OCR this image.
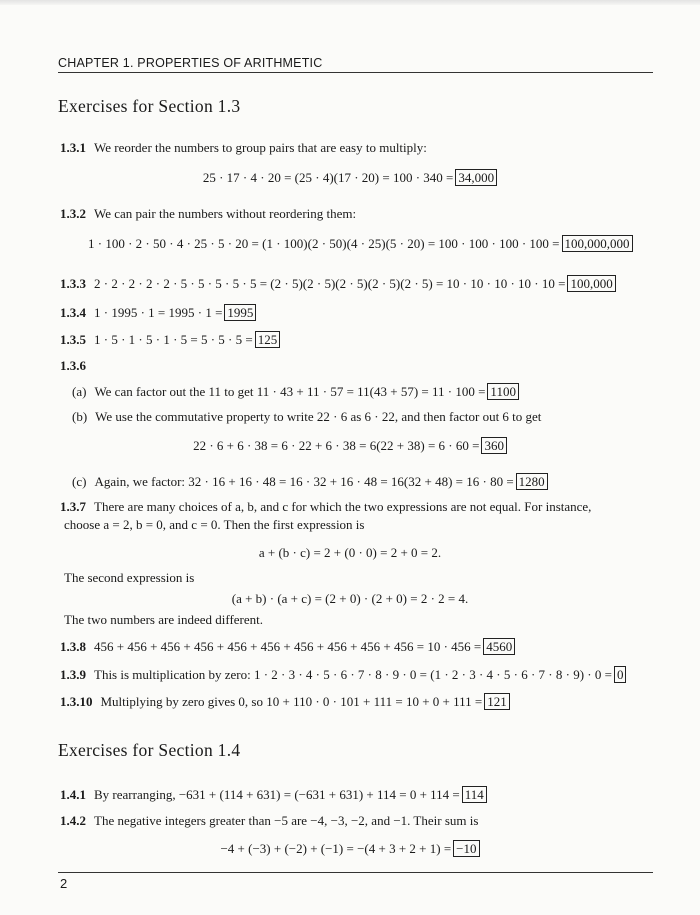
CHAPTER 1. PROPERTIES OF ARITHMETIC
Exercises for Section 1.3
1.3.1 We reorder the numbers to group pairs that are easy to multiply:
25 · 17 · 4 · 20 = (25 · 4)(17 · 20) = 100 · 340 = 34,000
1.3.2 We can pair the numbers without reordering them:
1 · 100 · 2 · 50 · 4 · 25 · 5 · 20 = (1 · 100)(2 · 50)(4 · 25)(5 · 20) = 100 · 100 · 100 · 100 = 100,000,000
1.3.3 2 · 2 · 2 · 2 · 2 · 5 · 5 · 5 · 5 · 5 = (2 · 5)(2 · 5)(2 · 5)(2 · 5)(2 · 5) = 10 · 10 · 10 · 10 · 10 = 100,000
1.3.4 1 · 1995 · 1 = 1995 · 1 = 1995
1.3.5 1 · 5 · 1 · 5 · 1 · 5 = 5 · 5 · 5 = 125
1.3.6
(a) We can factor out the 11 to get 11 · 43 + 11 · 57 = 11(43 + 57) = 11 · 100 = 1100
(b) We use the commutative property to write 22 · 6 as 6 · 22, and then factor out 6 to get
22 · 6 + 6 · 38 = 6 · 22 + 6 · 38 = 6(22 + 38) = 6 · 60 = 360
(c) Again, we factor: 32 · 16 + 16 · 48 = 16 · 32 + 16 · 48 = 16(32 + 48) = 16 · 80 = 1280
1.3.7 There are many choices of a, b, and c for which the two expressions are not equal. For instance,
choose a = 2, b = 0, and c = 0. Then the first expression is
a + (b · c) = 2 + (0 · 0) = 2 + 0 = 2.
The second expression is
(a + b) · (a + c) = (2 + 0) · (2 + 0) = 2 · 2 = 4.
The two numbers are indeed different.
1.3.8 456 + 456 + 456 + 456 + 456 + 456 + 456 + 456 + 456 + 456 = 10 · 456 = 4560
1.3.9 This is multiplication by zero: 1 · 2 · 3 · 4 · 5 · 6 · 7 · 8 · 9 · 0 = (1 · 2 · 3 · 4 · 5 · 6 · 7 · 8 · 9) · 0 = 0
1.3.10 Multiplying by zero gives 0, so 10 + 110 · 0 · 101 + 111 = 10 + 0 + 111 = 121
Exercises for Section 1.4
1.4.1 By rearranging, −631 + (114 + 631) = (−631 + 631) + 114 = 0 + 114 = 114
1.4.2 The negative integers greater than −5 are −4, −3, −2, and −1. Their sum is
−4 + (−3) + (−2) + (−1) = −(4 + 3 + 2 + 1) = −10
2
